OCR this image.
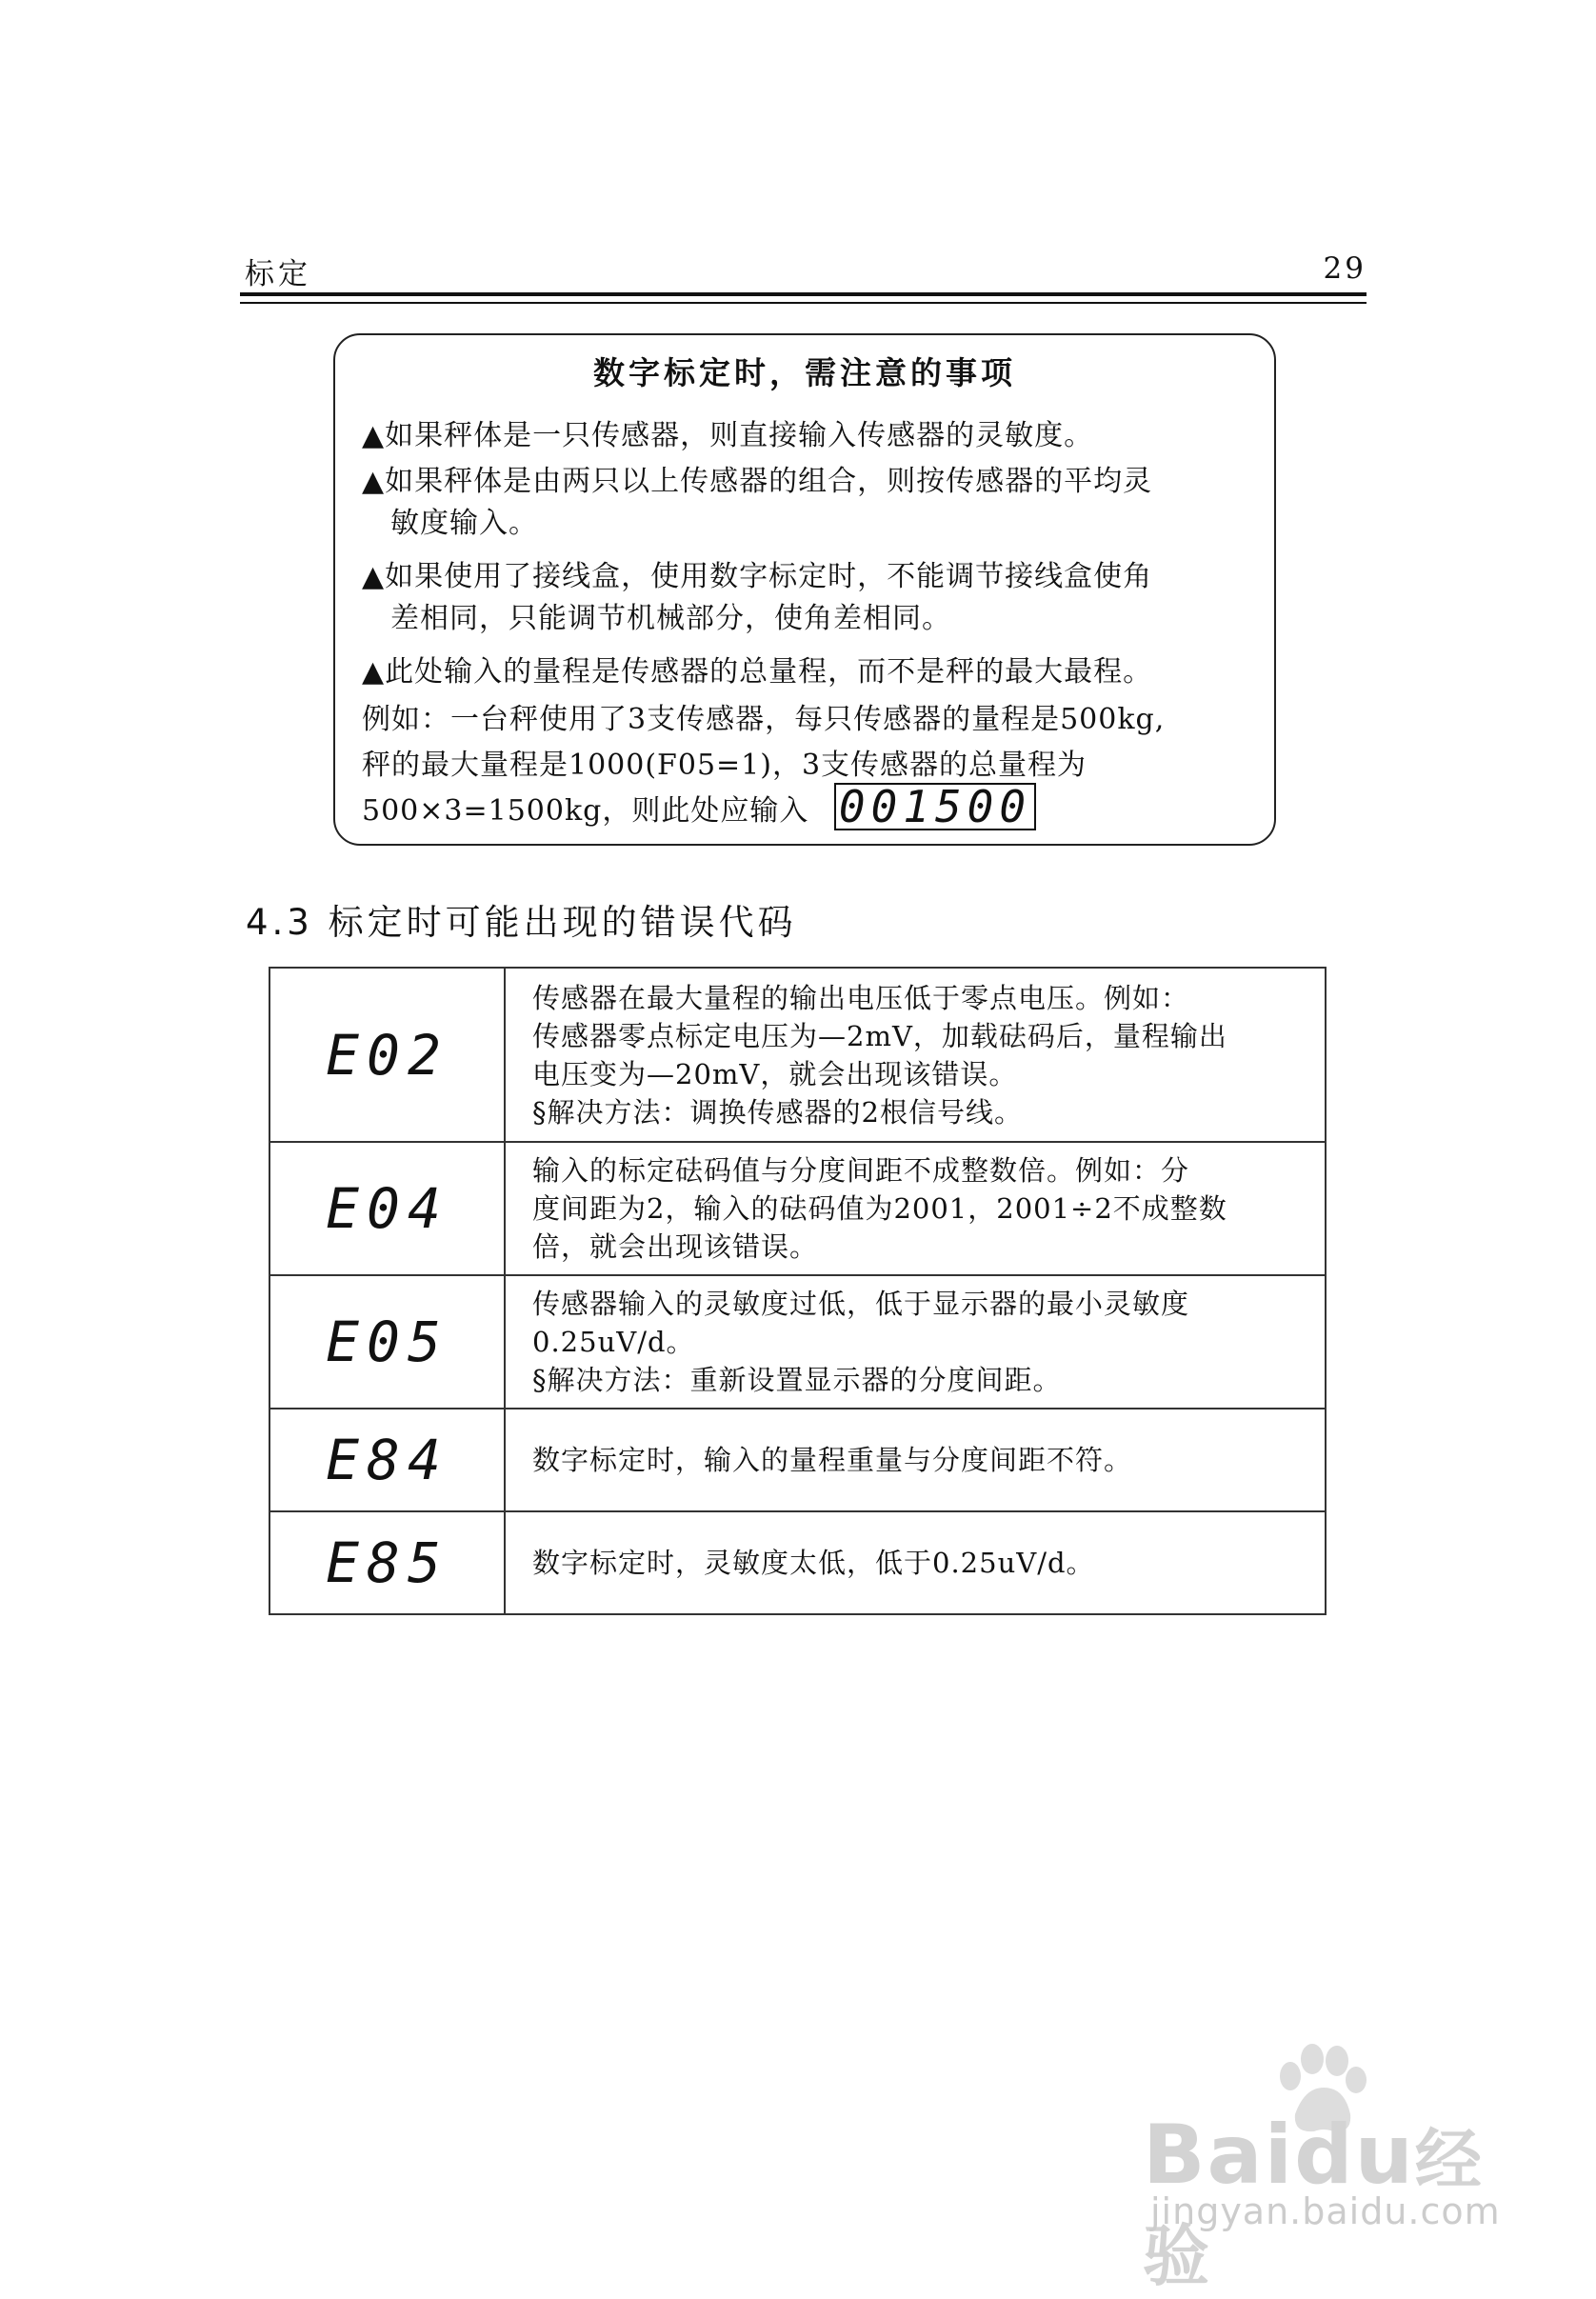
标定	29
数字标定时，需注意的事项
▲如果秤体是一只传感器，则直接输入传感器的灵敏度。
▲如果秤体是由两只以上传感器的组合，则按传感器的平均灵
敏度输入。
▲如果使用了接线盒，使用数字标定时，不能调节接线盒使角
差相同，只能调节机械部分，使角差相同。
▲此处输入的量程是传感器的总量程，而不是秤的最大最程。
例如：一台秤使用了3支传感器，每只传感器的量程是500kg,
秤的最大量程是1000(F05=1)，3支传感器的总量程为
500×3=1500kg，则此处应输入 001500
4.3 标定时可能出现的错误代码
E02	传感器在最大量程的输出电压低于零点电压。例如：
传感器零点标定电压为—2mV，加载砝码后，量程输出
电压变为—20mV，就会出现该错误。
§解决方法：调换传感器的2根信号线。

E04	输入的标定砝码值与分度间距不成整数倍。例如：分
度间距为2，输入的砝码值为2001，2001÷2不成整数
倍，就会出现该错误。

E05	传感器输入的灵敏度过低，低于显示器的最小灵敏度
0.25uV/d。
§解决方法：重新设置显示器的分度间距。

E84	数字标定时，输入的量程重量与分度间距不符。

E85	数字标定时，灵敏度太低，低于0.25uV/d。
Baidu经验
jingyan.baidu.com
